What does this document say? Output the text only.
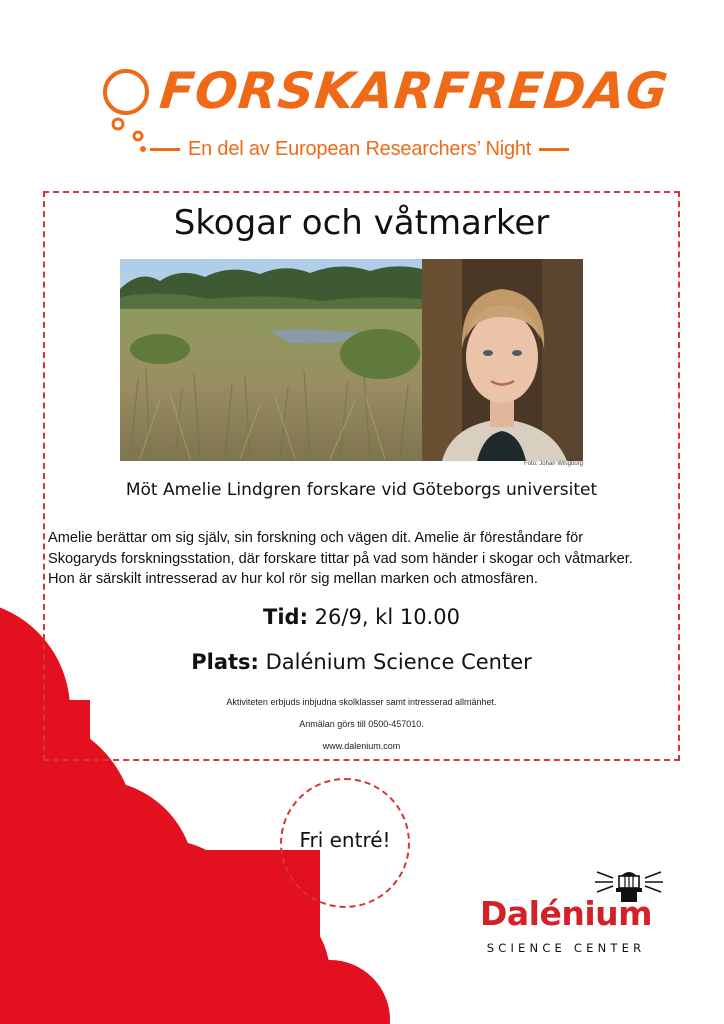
FORSKARFREDAG
En del av European Researchers’ Night
Skogar och våtmarker
Foto: Johan Wingborg
Möt Amelie Lindgren forskare vid Göteborgs universitet

Amelie berättar om sig själv, sin forskning och vägen dit. Amelie är föreståndare för

Skogaryds forskningsstation, där forskare tittar på vad som händer i skogar och våtmarker.

Hon är särskilt intresserad av hur kol rör sig mellan marken och atmosfären.

Tid: 26/9, kl 10.00
Plats: Dalénium Science Center
Aktiviteten erbjuds inbjudna skolklasser samt intresserad allmänhet.
Anmälan görs till 0500-457010.
www.dalenium.com
Fri entré!
Dalénium
SCIENCE CENTER
